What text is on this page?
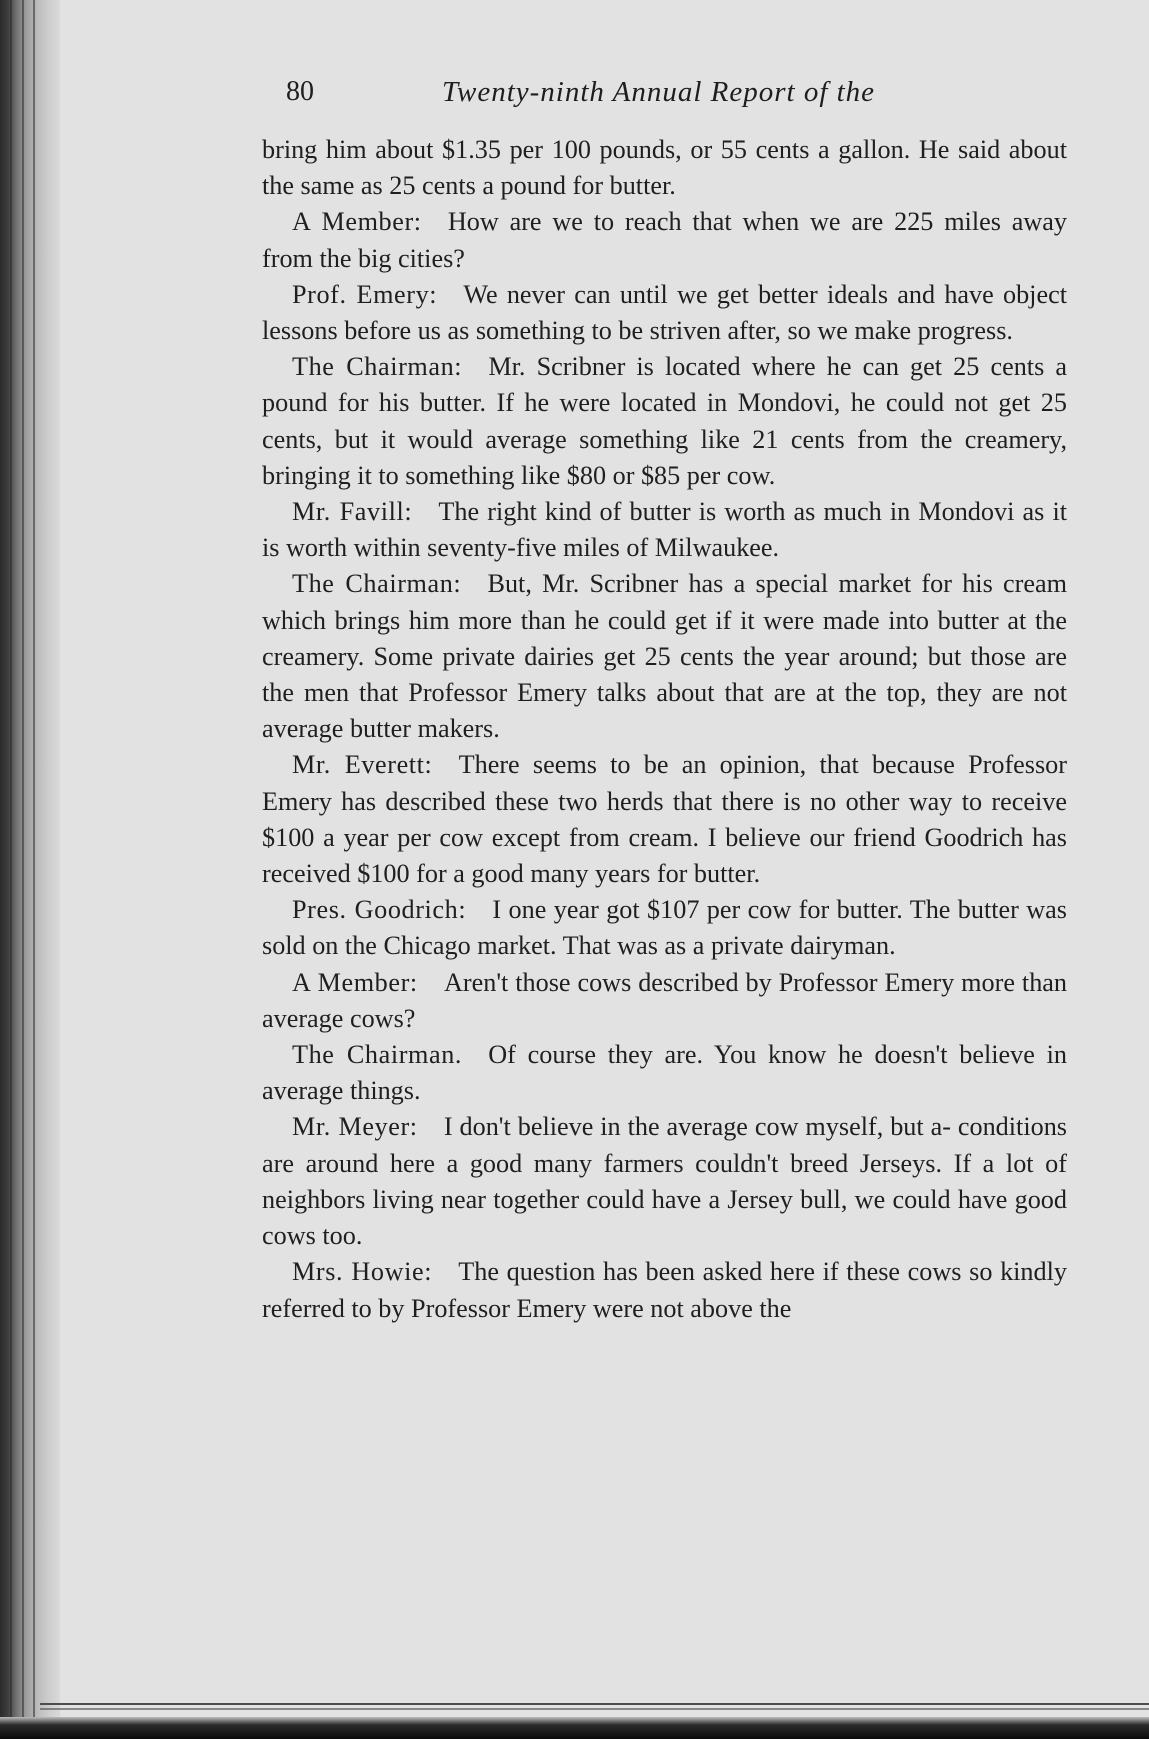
80	Twenty-ninth Annual Report of the

bring him about $1.35 per 100 pounds, or 55 cents a gallon. He said about the same as 25 cents a pound for butter.

A Member:  How are we to reach that when we are 225 miles away from the big cities?

Prof. Emery:  We never can until we get better ideals and have object lessons before us as something to be striven after, so we make progress.

The Chairman:  Mr. Scribner is located where he can get 25 cents a pound for his butter. If he were located in Mondovi, he could not get 25 cents, but it would average something like 21 cents from the creamery, bringing it to something like $80 or $85 per cow.

Mr. Favill:  The right kind of butter is worth as much in Mondovi as it is worth within seventy-five miles of Milwaukee.

The Chairman:  But, Mr. Scribner has a special market for his cream which brings him more than he could get if it were made into butter at the creamery. Some private dairies get 25 cents the year around; but those are the men that Professor Emery talks about that are at the top, they are not average butter makers.

Mr. Everett:  There seems to be an opinion, that because Professor Emery has described these two herds that there is no other way to receive $100 a year per cow except from cream. I believe our friend Goodrich has received $100 for a good many years for butter.

Pres. Goodrich:  I one year got $107 per cow for butter. The butter was sold on the Chicago market. That was as a private dairyman.

A Member:  Aren't those cows described by Professor Emery more than average cows?

The Chairman.  Of course they are. You know he doesn't believe in average things.

Mr. Meyer:  I don't believe in the average cow myself, but a- conditions are around here a good many farmers couldn't breed Jerseys. If a lot of neighbors living near together could have a Jersey bull, we could have good cows too.

Mrs. Howie:  The question has been asked here if these cows so kindly referred to by Professor Emery were not above the
